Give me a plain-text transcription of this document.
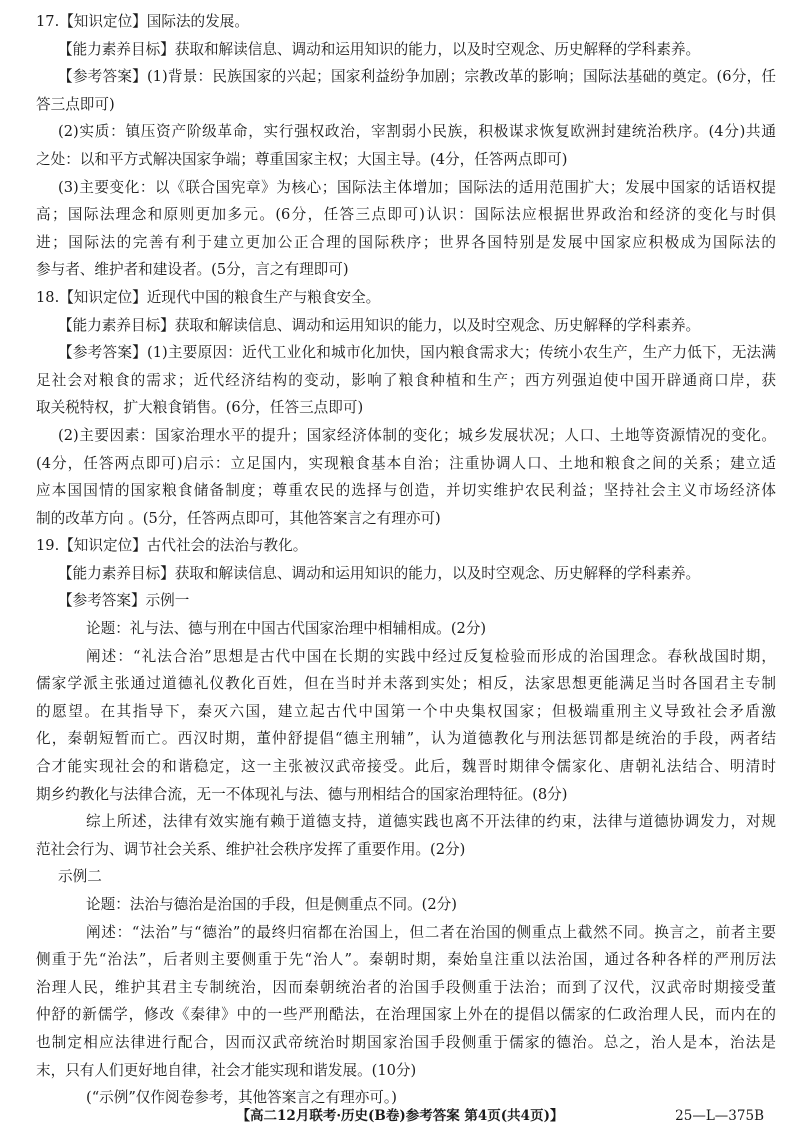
17.【知识定位】国际法的发展。
【能力素养目标】获取和解读信息、调动和运用知识的能力，以及时空观念、历史解释的学科素养。
【参考答案】(1)背景：民族国家的兴起；国家利益纷争加剧；宗教改革的影响；国际法基础的奠定。(6分，任
答三点即可)
(2)实质：镇压资产阶级革命，实行强权政治，宰割弱小民族，积极谋求恢复欧洲封建统治秩序。(4分)共通
之处：以和平方式解决国家争端；尊重国家主权；大国主导。(4分，任答两点即可)
(3)主要变化：以《联合国宪章》为核心；国际法主体增加；国际法的适用范围扩大；发展中国家的话语权提
高；国际法理念和原则更加多元。(6分，任答三点即可)认识：国际法应根据世界政治和经济的变化与时俱
进；国际法的完善有利于建立更加公正合理的国际秩序；世界各国特别是发展中国家应积极成为国际法的
参与者、维护者和建设者。(5分，言之有理即可)
18.【知识定位】近现代中国的粮食生产与粮食安全。
【能力素养目标】获取和解读信息、调动和运用知识的能力，以及时空观念、历史解释的学科素养。
【参考答案】(1)主要原因：近代工业化和城市化加快，国内粮食需求大；传统小农生产，生产力低下，无法满
足社会对粮食的需求；近代经济结构的变动，影响了粮食种植和生产；西方列强迫使中国开辟通商口岸，获
取关税特权，扩大粮食销售。(6分，任答三点即可)
(2)主要因素：国家治理水平的提升；国家经济体制的变化；城乡发展状况；人口、土地等资源情况的变化。
(4分，任答两点即可)启示：立足国内，实现粮食基本自治；注重协调人口、土地和粮食之间的关系；建立适
应本国国情的国家粮食储备制度；尊重农民的选择与创造，并切实维护农民利益；坚持社会主义市场经济体
制的改革方向 。(5分，任答两点即可，其他答案言之有理亦可)
19.【知识定位】古代社会的法治与教化。
【能力素养目标】获取和解读信息、调动和运用知识的能力，以及时空观念、历史解释的学科素养。
【参考答案】示例一
论题：礼与法、德与刑在中国古代国家治理中相辅相成。(2分)
阐述：“礼法合治”思想是古代中国在长期的实践中经过反复检验而形成的治国理念。春秋战国时期，
儒家学派主张通过道德礼仪教化百姓，但在当时并未落到实处；相反，法家思想更能满足当时各国君主专制
的愿望。在其指导下，秦灭六国，建立起古代中国第一个中央集权国家；但极端重刑主义导致社会矛盾激
化，秦朝短暂而亡。西汉时期，董仲舒提倡“德主刑辅”，认为道德教化与刑法惩罚都是统治的手段，两者结
合才能实现社会的和谐稳定，这一主张被汉武帝接受。此后，魏晋时期律令儒家化、唐朝礼法结合、明清时
期乡约教化与法律合流，无一不体现礼与法、德与刑相结合的国家治理特征。(8分)
综上所述，法律有效实施有赖于道德支持，道德实践也离不开法律的约束，法律与道德协调发力，对规
范社会行为、调节社会关系、维护社会秩序发挥了重要作用。(2分)
示例二
论题：法治与德治是治国的手段，但是侧重点不同。(2分)
阐述：“法治”与“德治”的最终归宿都在治国上，但二者在治国的侧重点上截然不同。换言之，前者主要
侧重于先“治法”，后者则主要侧重于先“治人”。秦朝时期，秦始皇注重以法治国，通过各种各样的严刑厉法
治理人民，维护其君主专制统治，因而秦朝统治者的治国手段侧重于法治；而到了汉代，汉武帝时期接受董
仲舒的新儒学，修改《秦律》中的一些严刑酷法，在治理国家上外在的提倡以儒家的仁政治理人民，而内在的
也制定相应法律进行配合，因而汉武帝统治时期国家治国手段侧重于儒家的德治。总之，治人是本，治法是
末，只有人们更好地自律，社会才能实现和谐发展。(10分)
(“示例”仅作阅卷参考，其他答案言之有理亦可。)
【高二12月联考·历史(B卷)参考答案 第4页(共4页)】	25—L—375B
